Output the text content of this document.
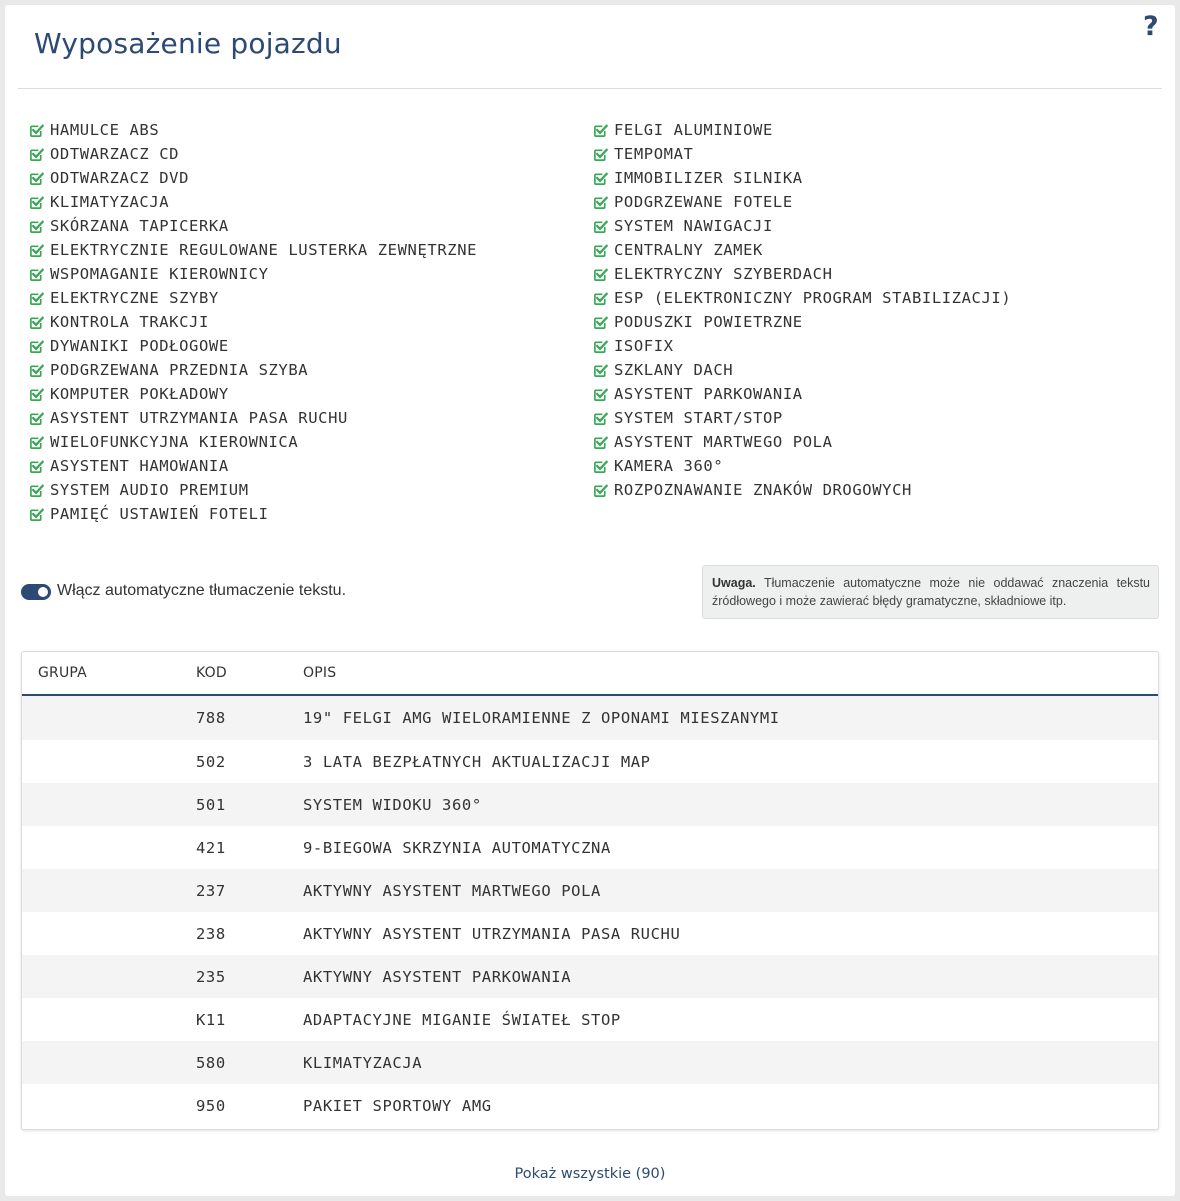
Wyposażenie pojazdu
?
HAMULCE ABS
ODTWARZACZ CD
ODTWARZACZ DVD
KLIMATYZACJA
SKÓRZANA TAPICERKA
ELEKTRYCZNIE REGULOWANE LUSTERKA ZEWNĘTRZNE
WSPOMAGANIE KIEROWNICY
ELEKTRYCZNE SZYBY
KONTROLA TRAKCJI
DYWANIKI PODŁOGOWE
PODGRZEWANA PRZEDNIA SZYBA
KOMPUTER POKŁADOWY
ASYSTENT UTRZYMANIA PASA RUCHU
WIELOFUNKCYJNA KIEROWNICA
ASYSTENT HAMOWANIA
SYSTEM AUDIO PREMIUM
PAMIĘĆ USTAWIEŃ FOTELI
FELGI ALUMINIOWE
TEMPOMAT
IMMOBILIZER SILNIKA
PODGRZEWANE FOTELE
SYSTEM NAWIGACJI
CENTRALNY ZAMEK
ELEKTRYCZNY SZYBERDACH
ESP (ELEKTRONICZNY PROGRAM STABILIZACJI)
PODUSZKI POWIETRZNE
ISOFIX
SZKLANY DACH
ASYSTENT PARKOWANIA
SYSTEM START/STOP
ASYSTENT MARTWEGO POLA
KAMERA 360°
ROZPOZNAWANIE ZNAKÓW DROGOWYCH
Włącz automatyczne tłumaczenie tekstu.	Uwaga. Tłumaczenie automatyczne może nie oddawać znaczenia tekstu źródłowego i może zawierać błędy gramatyczne, składniowe itp.
GRUPA	KOD	OPIS
	788	19" FELGI AMG WIELORAMIENNE Z OPONAMI MIESZANYMI
	502	3 LATA BEZPŁATNYCH AKTUALIZACJI MAP
	501	SYSTEM WIDOKU 360°
	421	9-BIEGOWA SKRZYNIA AUTOMATYCZNA
	237	AKTYWNY ASYSTENT MARTWEGO POLA
	238	AKTYWNY ASYSTENT UTRZYMANIA PASA RUCHU
	235	AKTYWNY ASYSTENT PARKOWANIA
	K11	ADAPTACYJNE MIGANIE ŚWIATEŁ STOP
	580	KLIMATYZACJA
	950	PAKIET SPORTOWY AMG
Pokaż wszystkie (90)
